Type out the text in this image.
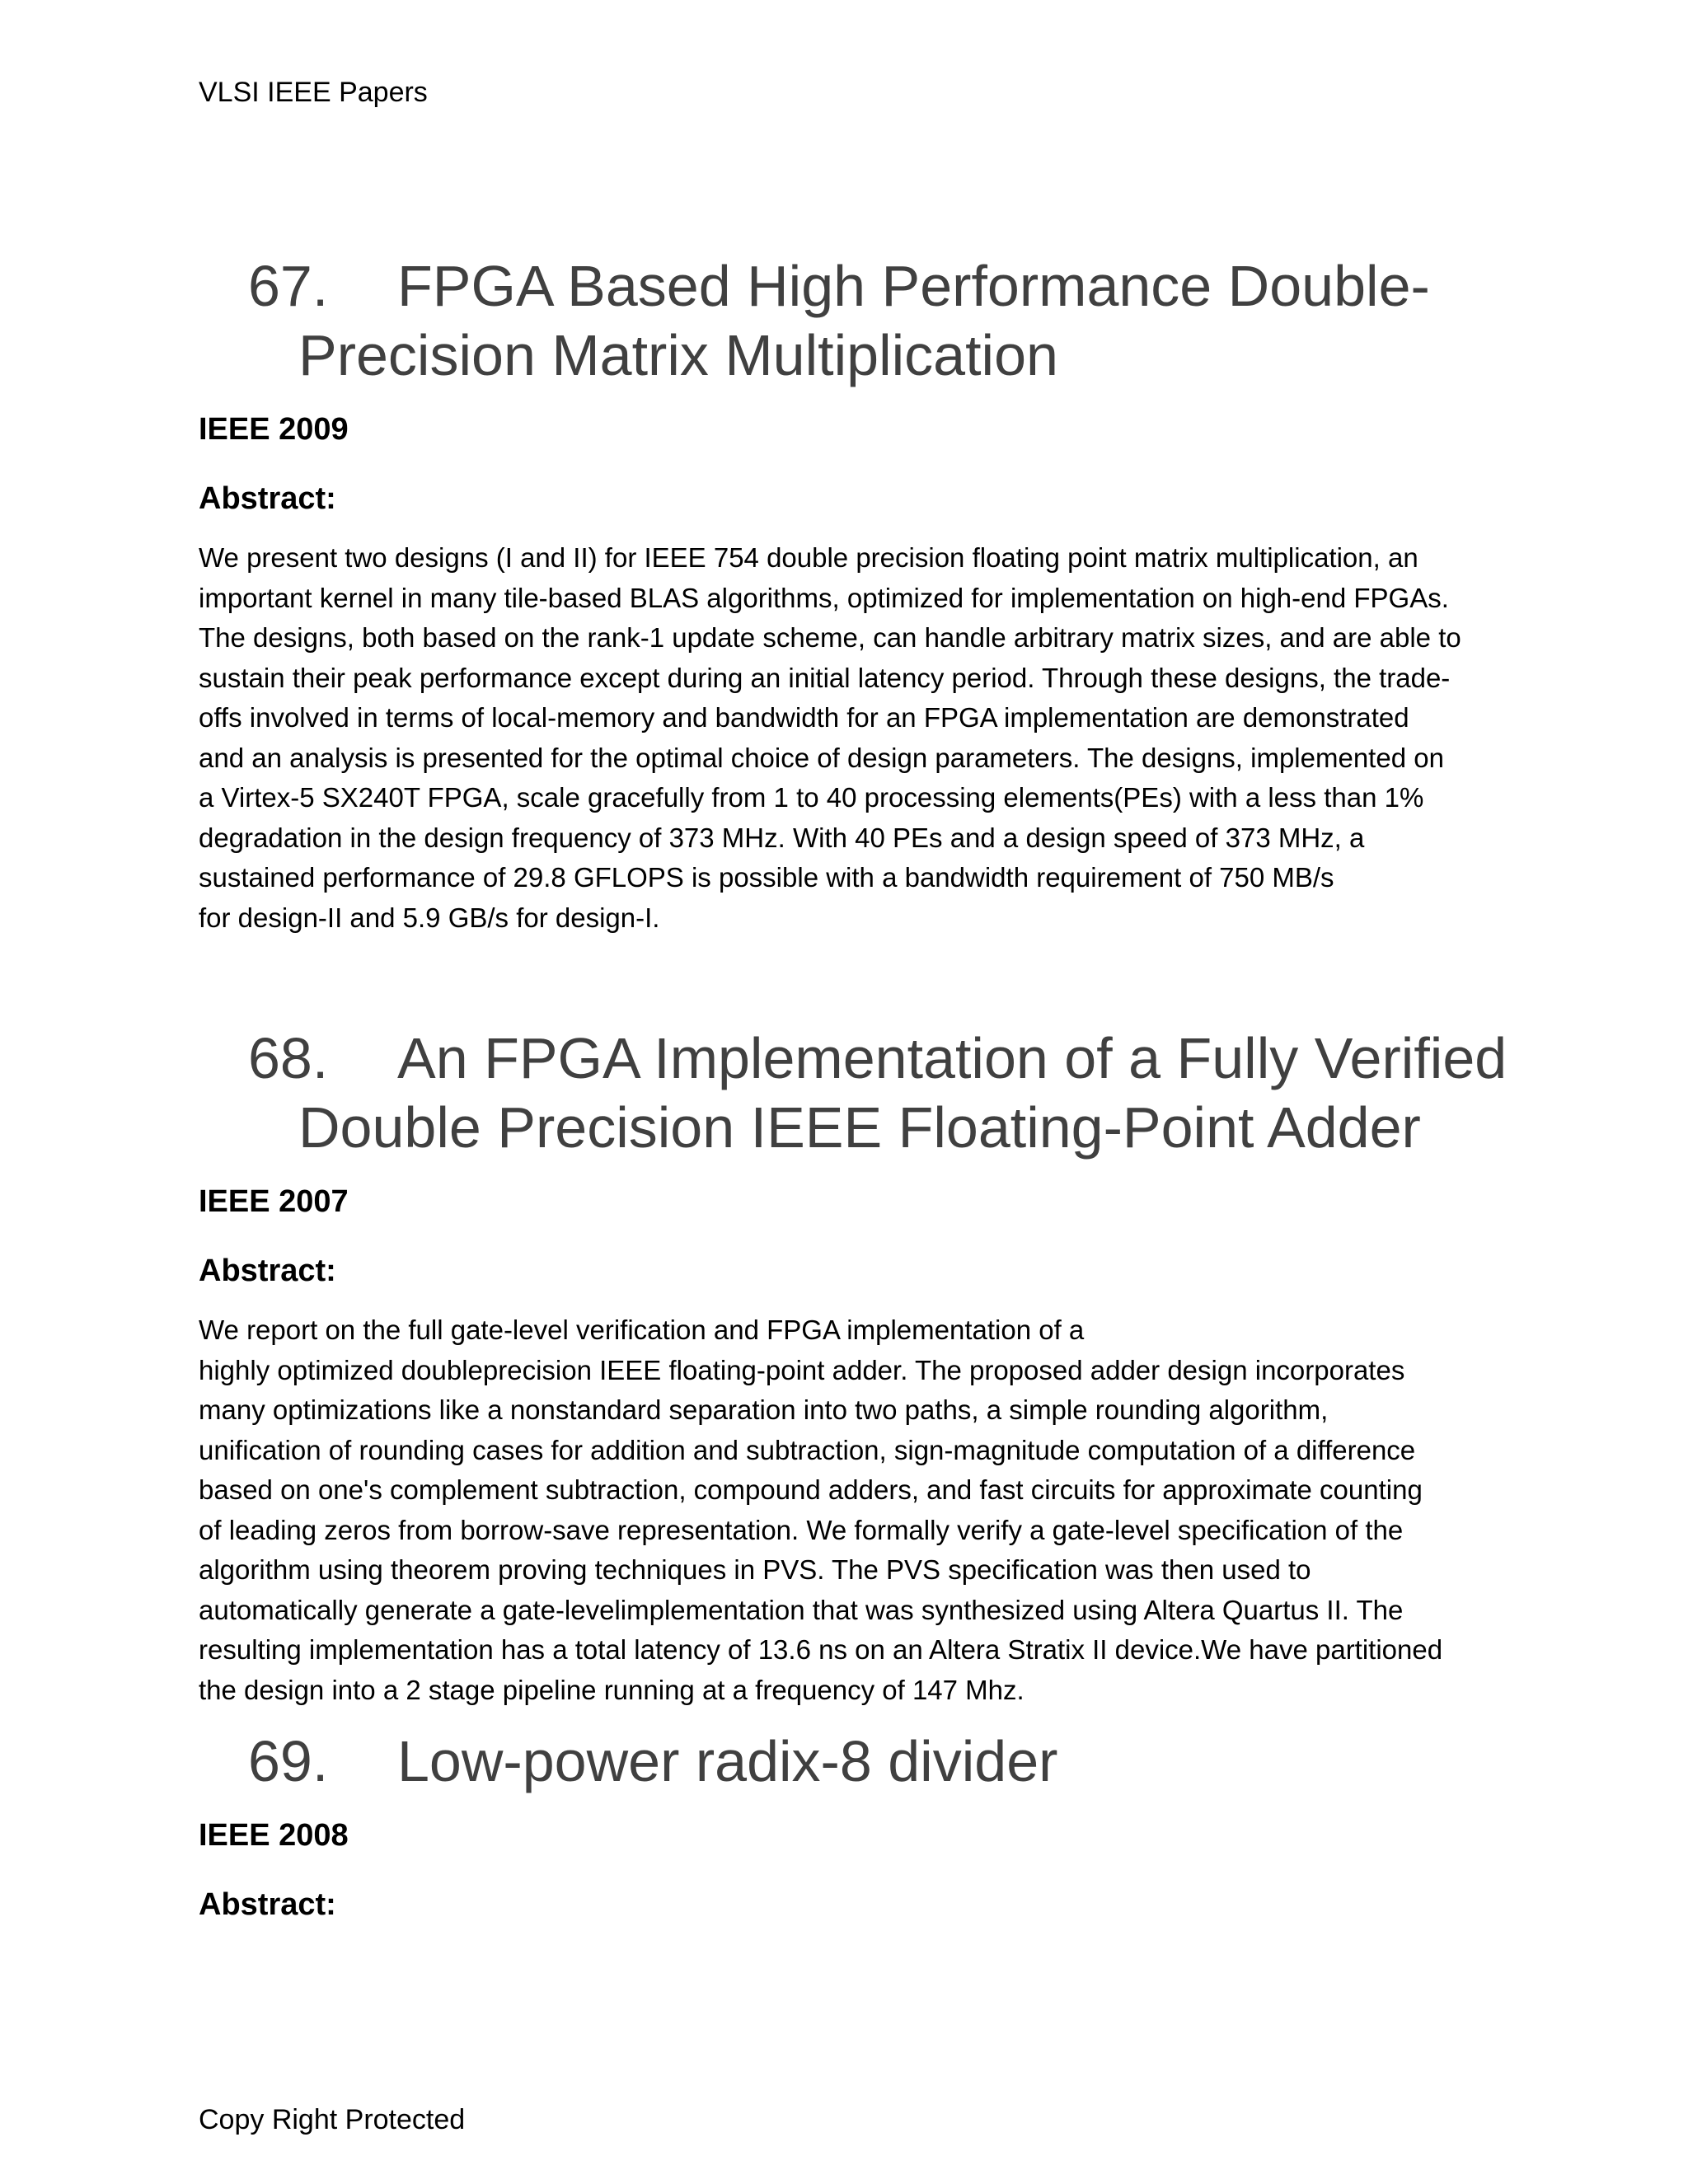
VLSI IEEE Papers
67.	FPGA Based High Performance Double-Precision Matrix Multiplication
IEEE 2009
Abstract:

We present two designs (I and II) for IEEE 754 double precision floating point matrix multiplication, an
important kernel in many tile-based BLAS algorithms, optimized for implementation on high-end FPGAs.
The designs, both based on the rank-1 update scheme, can handle arbitrary matrix sizes, and are able to
sustain their peak performance except during an initial latency period. Through these designs, the trade-
offs involved in terms of local-memory and bandwidth for an FPGA implementation are demonstrated
and an analysis is presented for the optimal choice of design parameters. The designs, implemented on
a Virtex-5 SX240T FPGA, scale gracefully from 1 to 40 processing elements(PEs) with a less than 1%
degradation in the design frequency of 373 MHz. With 40 PEs and a design speed of 373 MHz, a
sustained performance of 29.8 GFLOPS is possible with a bandwidth requirement of 750 MB/s
for design-II and 5.9 GB/s for design-I.

68.	An FPGA Implementation of a Fully Verified Double Precision IEEE Floating-Point Adder
IEEE 2007
Abstract:

We report on the full gate-level verification and FPGA implementation of a
highly optimized doubleprecision IEEE floating-point adder. The proposed adder design incorporates
many optimizations like a nonstandard separation into two paths, a simple rounding algorithm,
unification of rounding cases for addition and subtraction, sign-magnitude computation of a difference
based on one's complement subtraction, compound adders, and fast circuits for approximate counting
of leading zeros from borrow-save representation. We formally verify a gate-level specification of the
algorithm using theorem proving techniques in PVS. The PVS specification was then used to
automatically generate a gate-levelimplementation that was synthesized using Altera Quartus II. The
resulting implementation has a total latency of 13.6 ns on an Altera Stratix II device.We have partitioned
the design into a 2 stage pipeline running at a frequency of 147 Mhz.

69.	Low-power radix-8 divider
IEEE 2008
Abstract:

Copy Right Protected
